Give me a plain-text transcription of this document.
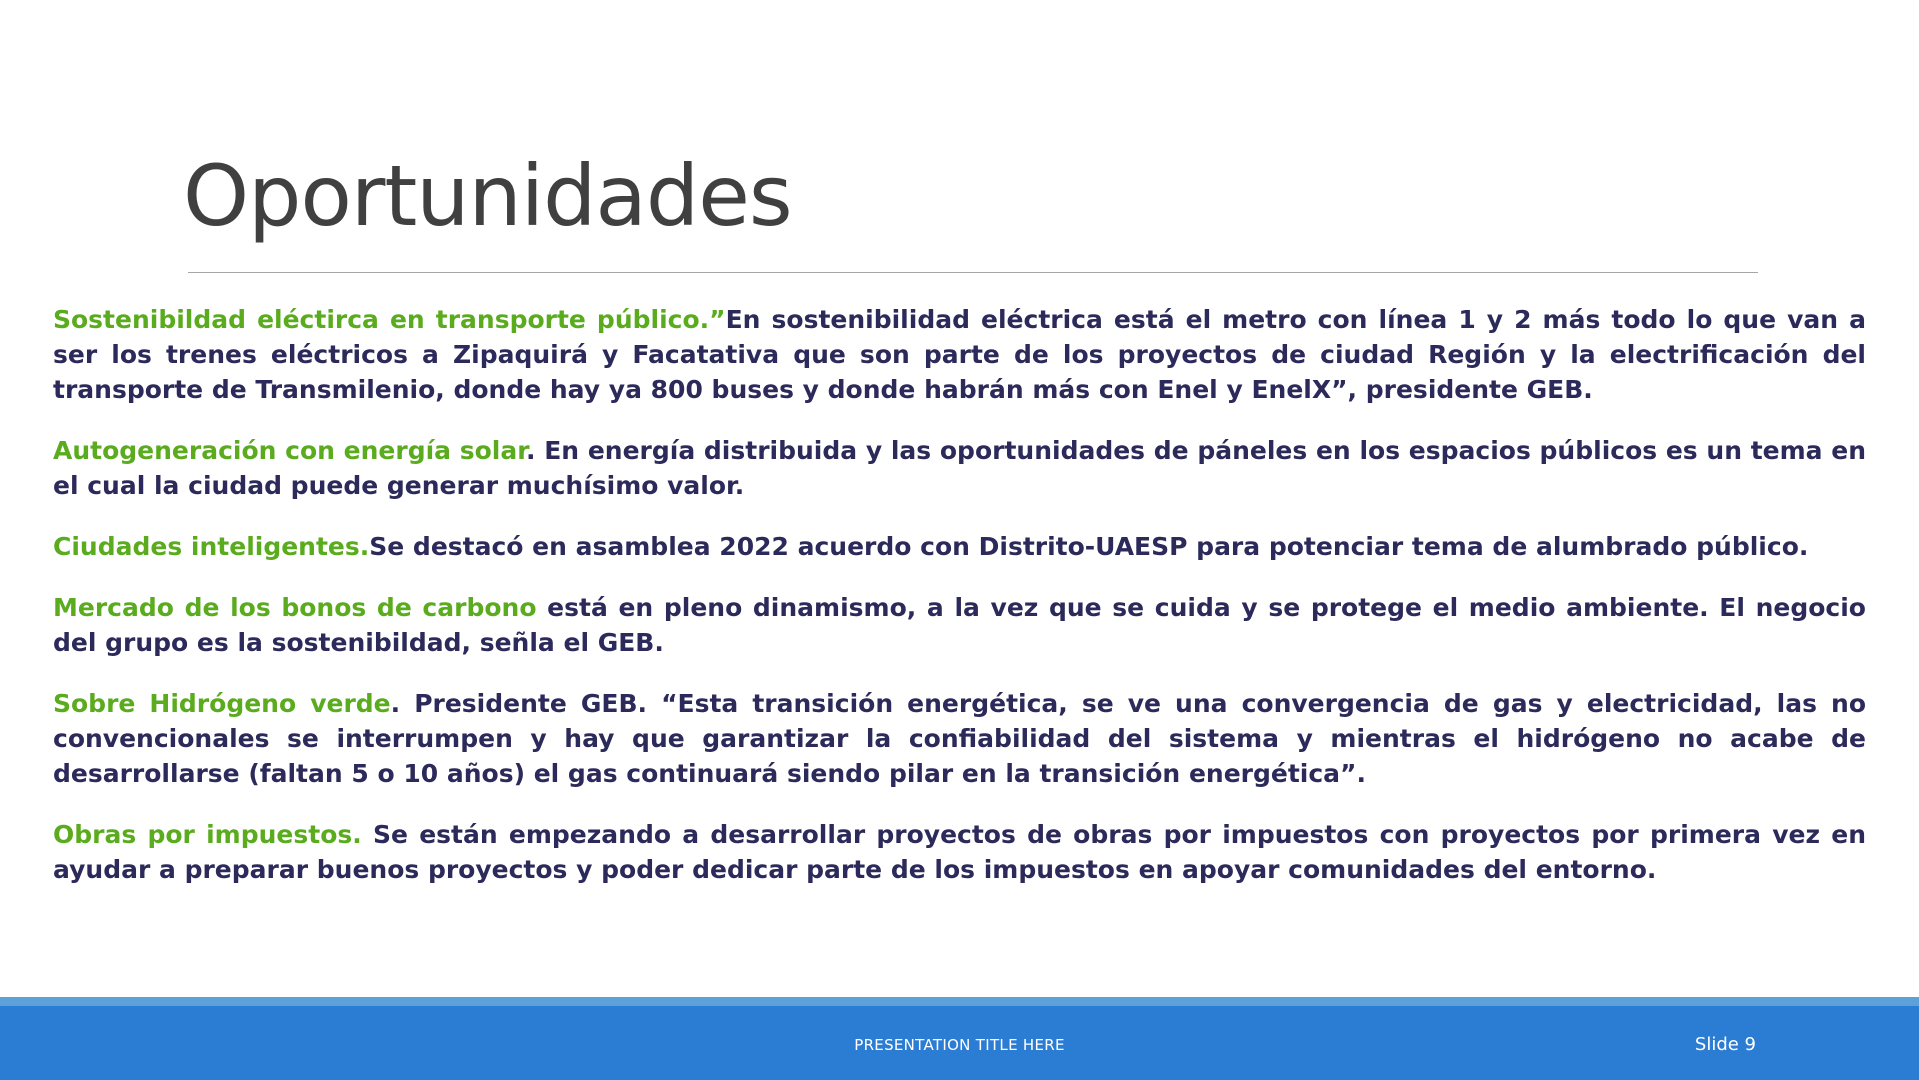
Oportunidades

Sostenibildad eléctirca en transporte público.”En sostenibilidad eléctrica está el metro con línea 1 y 2 más todo lo que van a ser los trenes eléctricos a Zipaquirá y Facatativa que son parte de los proyectos de ciudad Región y la electrificación del transporte de Transmilenio, donde hay ya 800 buses y donde habrán más con Enel y EnelX”, presidente GEB.

Autogeneración con energía solar. En energía distribuida y las oportunidades de páneles en los espacios públicos es un tema en el cual la ciudad puede generar muchísimo valor.

Ciudades inteligentes.Se destacó en asamblea 2022 acuerdo con Distrito-UAESP para potenciar tema de alumbrado público.

Mercado de los bonos de carbono está en pleno dinamismo, a la vez que se cuida y se protege el medio ambiente. El negocio del grupo es la sostenibildad, señla el GEB.

Sobre Hidrógeno verde. Presidente GEB. “Esta transición energética, se ve una convergencia de gas y electricidad, las no convencionales se interrumpen y hay que garantizar la confiabilidad del sistema y mientras el hidrógeno no acabe de desarrollarse (faltan 5 o 10 años) el gas continuará siendo pilar en la transición energética”.

Obras por impuestos. Se están empezando a desarrollar proyectos de obras por impuestos con proyectos por primera vez en ayudar a preparar buenos proyectos y poder dedicar parte de los impuestos en apoyar comunidades del entorno.

PRESENTATION TITLE HERE	Slide 9
